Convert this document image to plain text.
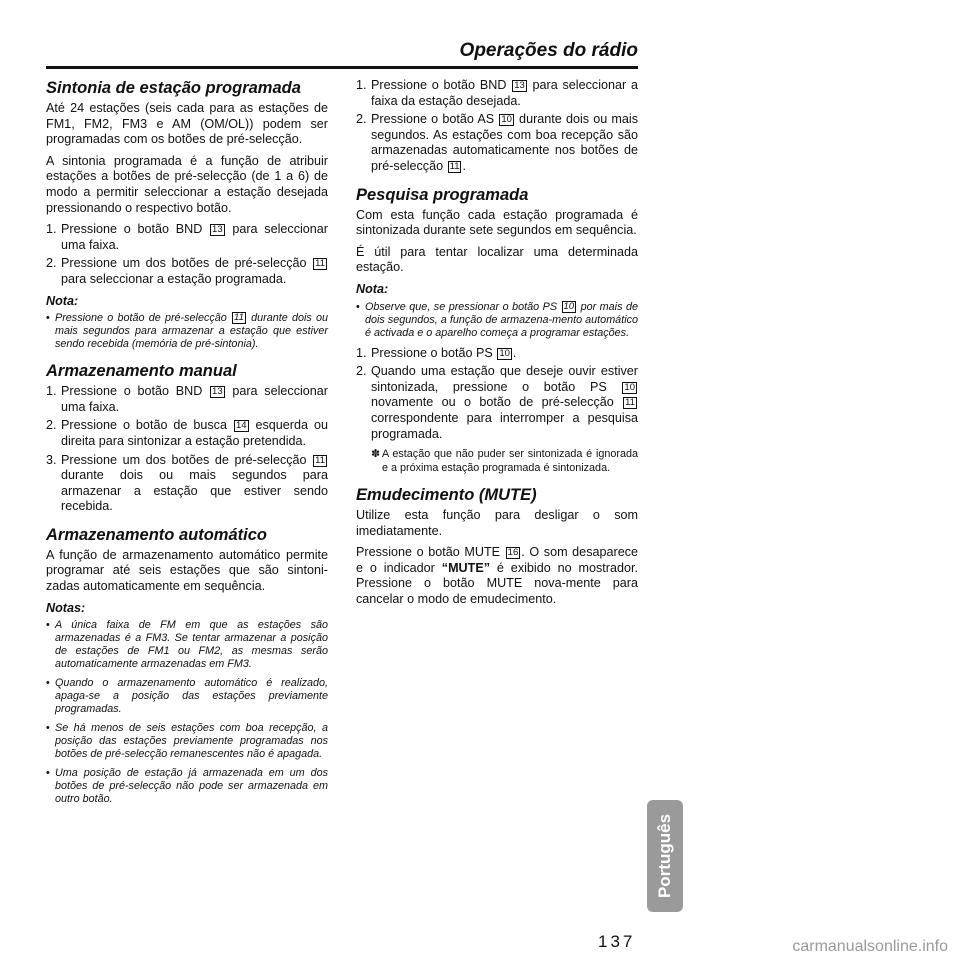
Operações do rádio
Sintonia de estação programada

Até 24 estações (seis cada para as estações de FM1, FM2, FM3 e AM (OM/OL)) podem ser programadas com os botões de pré-selecção.

A sintonia programada é a função de atribuir estações a botões de pré-selecção (de 1 a 6) de modo a permitir seleccionar a estação desejada pressionando o respectivo botão.

1. Pressione o botão BND 13 para seleccionar uma faixa.
2. Pressione um dos botões de pré-selecção 11 para seleccionar a estação programada.
Nota:
• Pressione o botão de pré-selecção 11 durante dois ou mais segundos para armazenar a estação que estiver sendo recebida (memória de pré-sintonia).
Armazenamento manual
1. Pressione o botão BND 13 para seleccionar uma faixa.
2. Pressione o botão de busca 14 esquerda ou direita para sintonizar a estação pretendida.
3. Pressione um dos botões de pré-selecção 11 durante dois ou mais segundos para armazenar a estação que estiver sendo recebida.
Armazenamento automático

A função de armazenamento automático permite programar até seis estações que são sintoni-zadas automaticamente em sequência.

Notas:
• A única faixa de FM em que as estações são armazenadas é a FM3. Se tentar armazenar a posição de estações de FM1 ou FM2, as mesmas serão automaticamente armazenadas em FM3.
• Quando o armazenamento automático é realizado, apaga-se a posição das estações previamente programadas.
• Se há menos de seis estações com boa recepção, a posição das estações previamente programadas nos botões de pré-selecção remanescentes não é apagada.
• Uma posição de estação já armazenada em um dos botões de pré-selecção não pode ser armazenada em outro botão.
1. Pressione o botão BND 13 para seleccionar a faixa da estação desejada.
2. Pressione o botão AS 10 durante dois ou mais segundos. As estações com boa recepção são armazenadas automaticamente nos botões de pré-selecção 11 .
Pesquisa programada

Com esta função cada estação programada é sintonizada durante sete segundos em sequência.

É útil para tentar localizar uma determinada estação.

Nota:
• Observe que, se pressionar o botão PS 10 por mais de dois segundos, a função de armazena-mento automático é activada e o aparelho começa a programar estações.
1. Pressione o botão PS 10 .
2. Quando uma estação que deseje ouvir estiver sintonizada, pressione o botão PS 10 novamente ou o botão de pré-selecção 11 correspondente para interromper a pesquisa programada.
✽ A estação que não puder ser sintonizada é ignorada e a próxima estação programada é sintonizada.
Emudecimento (MUTE)

Utilize esta função para desligar o som imediatamente.

Pressione o botão MUTE 16 . O som desaparece e o indicador “MUTE” é exibido no mostrador. Pressione o botão MUTE nova-mente para cancelar o modo de emudecimento.

Português
137	carmanualsonline.info
